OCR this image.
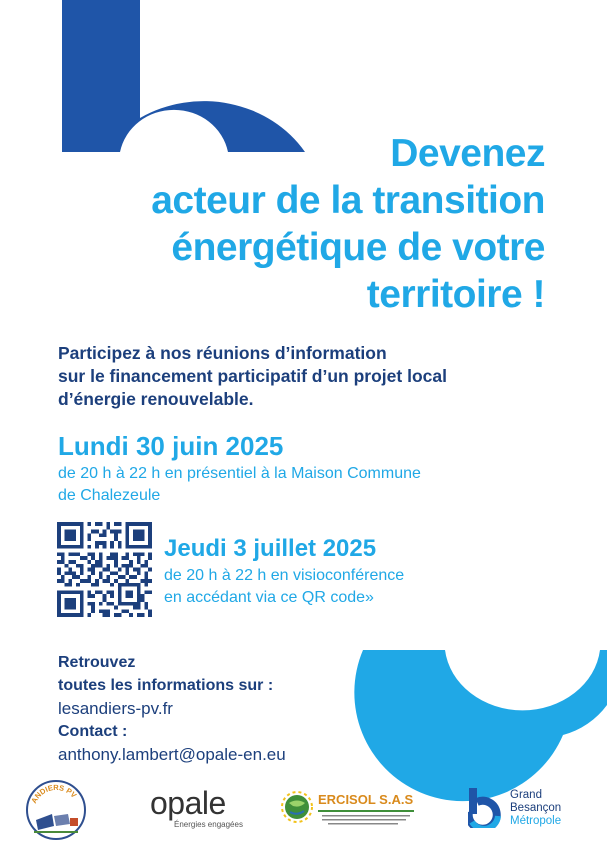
Devenez
acteur de la transition
énergétique de votre
territoire !
Participez à nos réunions d’information
sur le financement participatif d’un projet local
d’énergie renouvelable.
Lundi 30 juin 2025
de 20 h à 22 h en présentiel à la Maison Commune
de Chalezeule
Jeudi 3 juillet 2025
de 20 h à 22 h en visioconférence
en accédant via ce QR code»
Retrouvez
toutes les informations sur :
lesandiers-pv.fr
Contact :
anthony.lambert@opale-en.eu
ANDIERS PV opale
Énergies engagées
ERCISOL S.A.S	Grand
Besançon
Métropole
